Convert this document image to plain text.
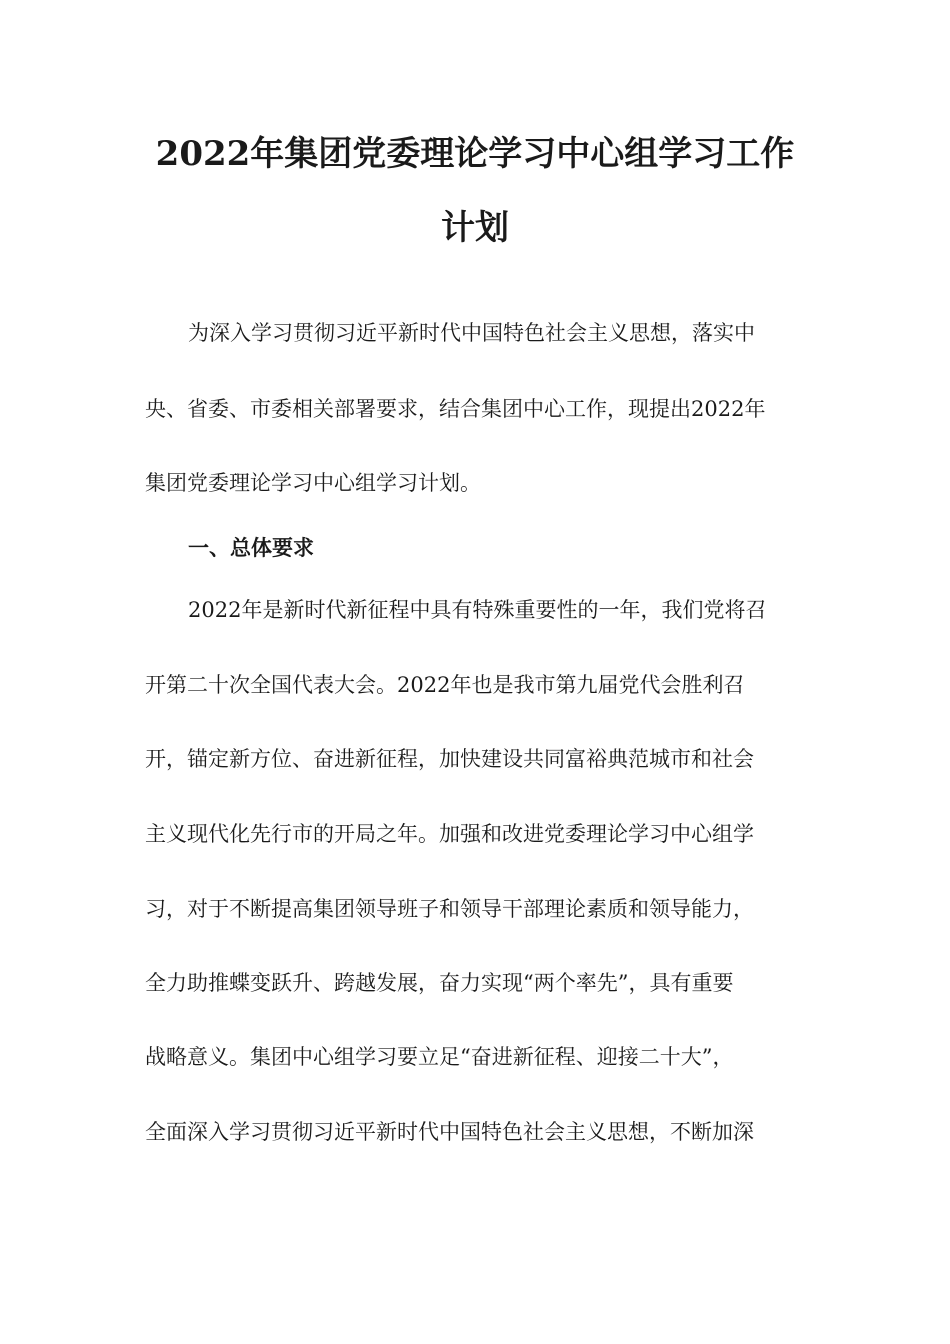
2022年集团党委理论学习中心组学习工作
计划

为深入学习贯彻习近平新时代中国特色社会主义思想，落实中

央、省委、市委相关部署要求，结合集团中心工作，现提出2022年

集团党委理论学习中心组学习计划。

一、总体要求

2022年是新时代新征程中具有特殊重要性的一年，我们党将召

开第二十次全国代表大会。2022年也是我市第九届党代会胜利召

开，锚定新方位、奋进新征程，加快建设共同富裕典范城市和社会

主义现代化先行市的开局之年。加强和改进党委理论学习中心组学

习，对于不断提高集团领导班子和领导干部理论素质和领导能力，

全力助推蝶变跃升、跨越发展，奋力实现“两个率先”，具有重要

战略意义。集团中心组学习要立足“奋进新征程、迎接二十大”，

全面深入学习贯彻习近平新时代中国特色社会主义思想，不断加深
